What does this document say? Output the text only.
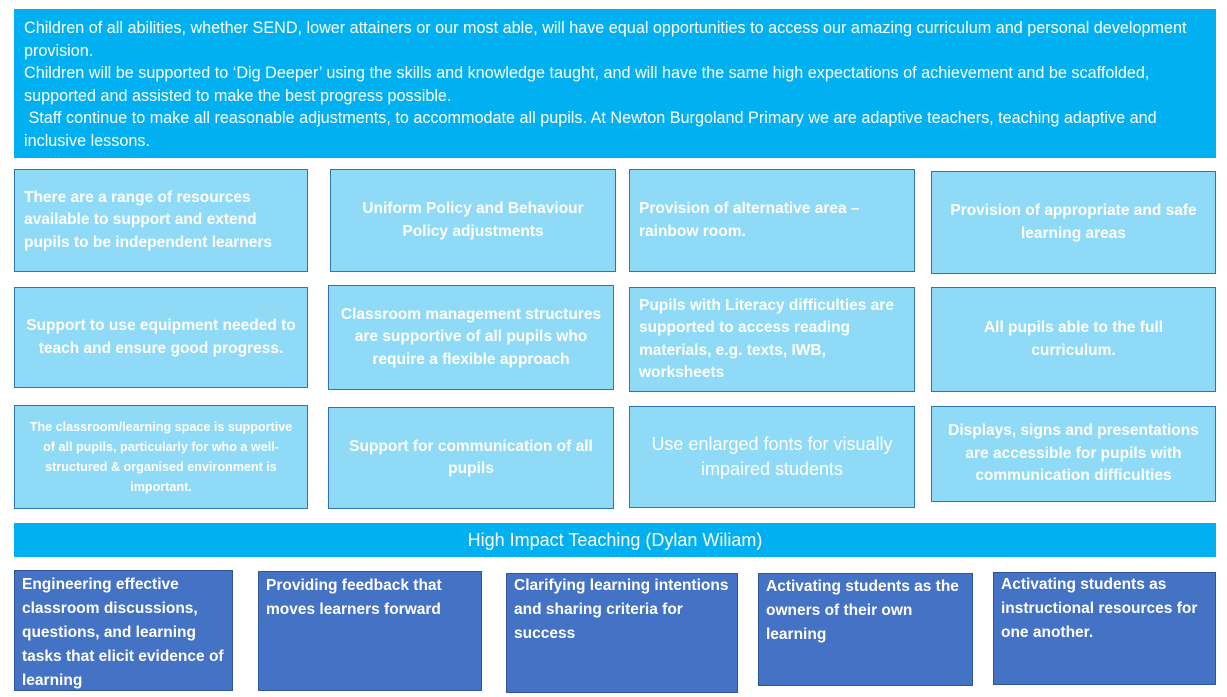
Children of all abilities, whether SEND, lower attainers or our most able, will have equal opportunities to access our amazing curriculum and personal development provision.

Children will be supported to ‘Dig Deeper’ using the skills and knowledge taught, and will have the same high expectations of achievement and be scaffolded, supported and assisted to make the best progress possible.

Staff continue to make all reasonable adjustments, to accommodate all pupils. At Newton Burgoland Primary we are adaptive teachers, teaching adaptive and inclusive lessons.

There are a range of resources available to support and extend pupils to be independent learners
Uniform Policy and Behaviour Policy adjustments
Provision of alternative area – rainbow room.
Provision of appropriate and safe learning areas
Support to use equipment needed to teach and ensure good progress.
Classroom management structures are supportive of all pupils who require a flexible approach
Pupils with Literacy difficulties are supported to access reading materials, e.g. texts, IWB, worksheets
All pupils able to the full curriculum.
The classroom/learning space is supportive of all pupils, particularly for who a well-structured & organised environment is important.
Support for communication of all pupils
Use enlarged fonts for visually impaired students
Displays, signs and presentations are accessible for pupils with communication difficulties
High Impact Teaching (Dylan Wiliam)
Engineering effective classroom discussions, questions, and learning tasks that elicit evidence of learning
Providing feedback that moves learners forward
Clarifying learning intentions and sharing criteria for success
Activating students as the owners of their own learning
Activating students as instructional resources for one another.
